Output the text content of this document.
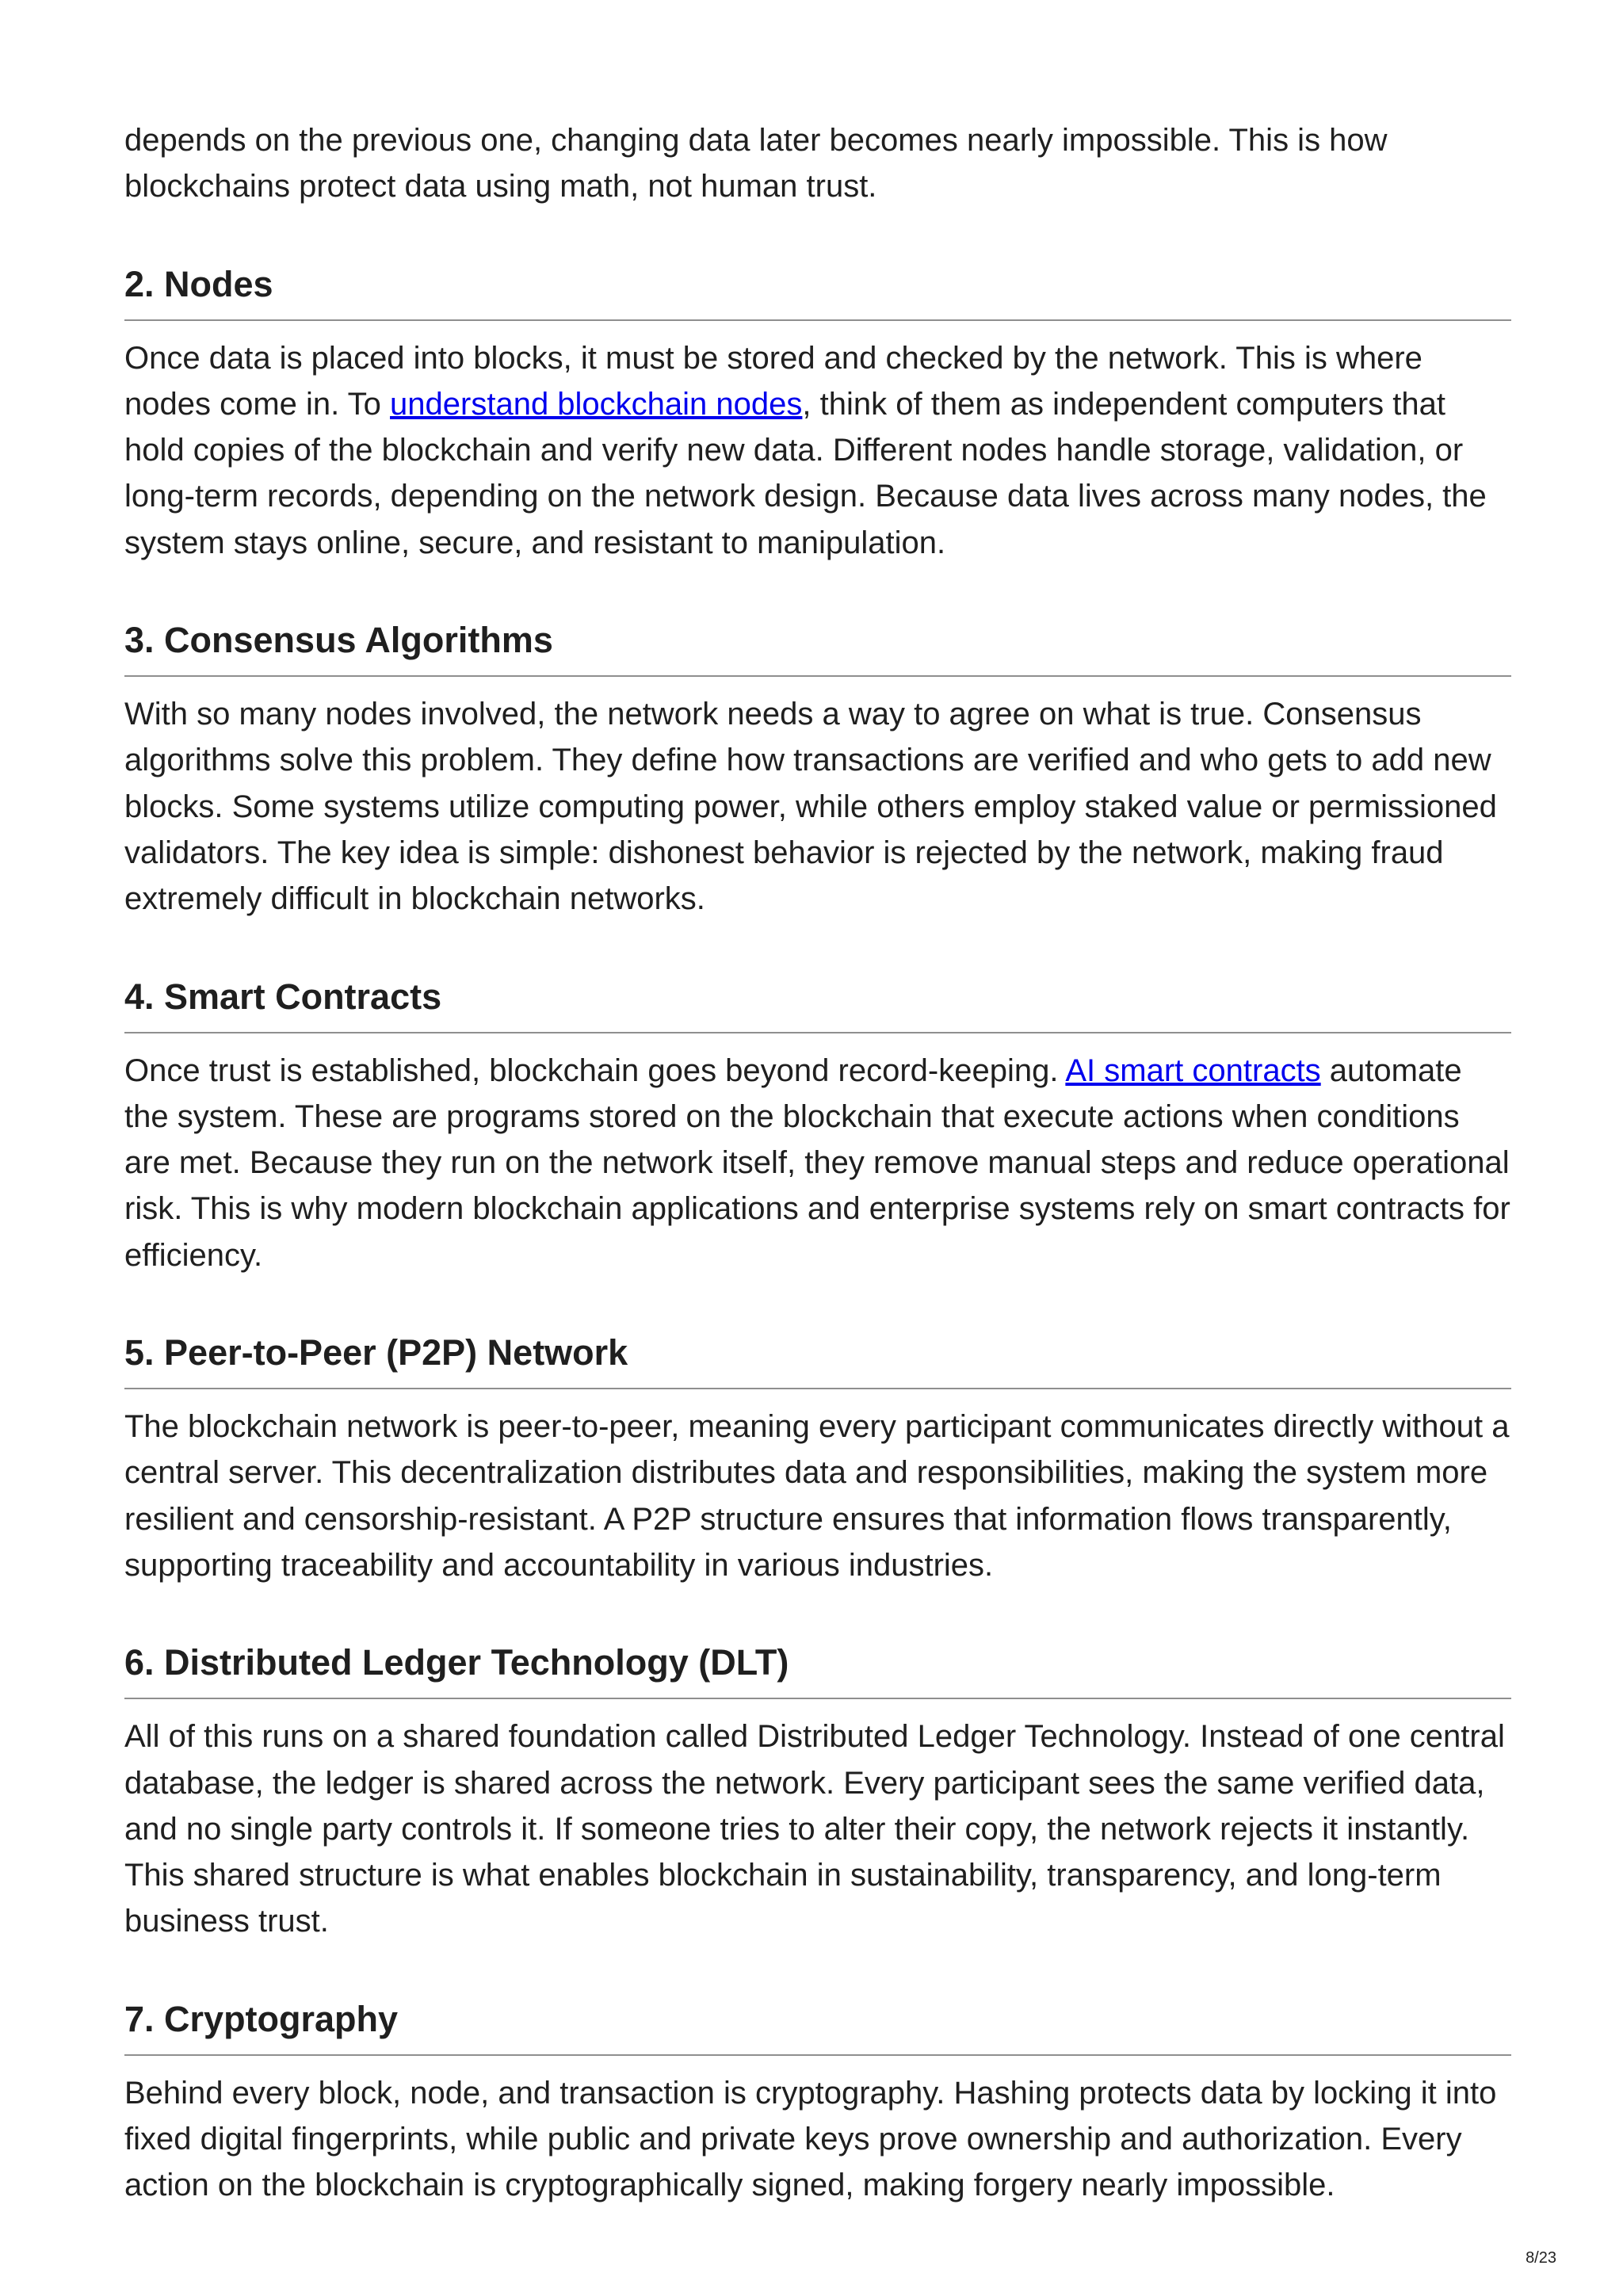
depends on the previous one, changing data later becomes nearly impossible. This is how blockchains protect data using math, not human trust.

2. Nodes

Once data is placed into blocks, it must be stored and checked by the network. This is where nodes come in. To understand blockchain nodes, think of them as independent computers that hold copies of the blockchain and verify new data. Different nodes handle storage, validation, or long-term records, depending on the network design. Because data lives across many nodes, the system stays online, secure, and resistant to manipulation.

3. Consensus Algorithms

With so many nodes involved, the network needs a way to agree on what is true. Consensus algorithms solve this problem. They define how transactions are verified and who gets to add new blocks. Some systems utilize computing power, while others employ staked value or permissioned validators. The key idea is simple: dishonest behavior is rejected by the network, making fraud extremely difficult in blockchain networks.

4. Smart Contracts

Once trust is established, blockchain goes beyond record-keeping. AI smart contracts automate the system. These are programs stored on the blockchain that execute actions when conditions are met. Because they run on the network itself, they remove manual steps and reduce operational risk. This is why modern blockchain applications and enterprise systems rely on smart contracts for efficiency.

5. Peer-to-Peer (P2P) Network

The blockchain network is peer-to-peer, meaning every participant communicates directly without a central server. This decentralization distributes data and responsibilities, making the system more resilient and censorship-resistant. A P2P structure ensures that information flows transparently, supporting traceability and accountability in various industries.

6. Distributed Ledger Technology (DLT)

All of this runs on a shared foundation called Distributed Ledger Technology. Instead of one central database, the ledger is shared across the network. Every participant sees the same verified data, and no single party controls it. If someone tries to alter their copy, the network rejects it instantly. This shared structure is what enables blockchain in sustainability, transparency, and long-term business trust.

7. Cryptography

Behind every block, node, and transaction is cryptography. Hashing protects data by locking it into fixed digital fingerprints, while public and private keys prove ownership and authorization. Every action on the blockchain is cryptographically signed, making forgery nearly impossible.

8/23
